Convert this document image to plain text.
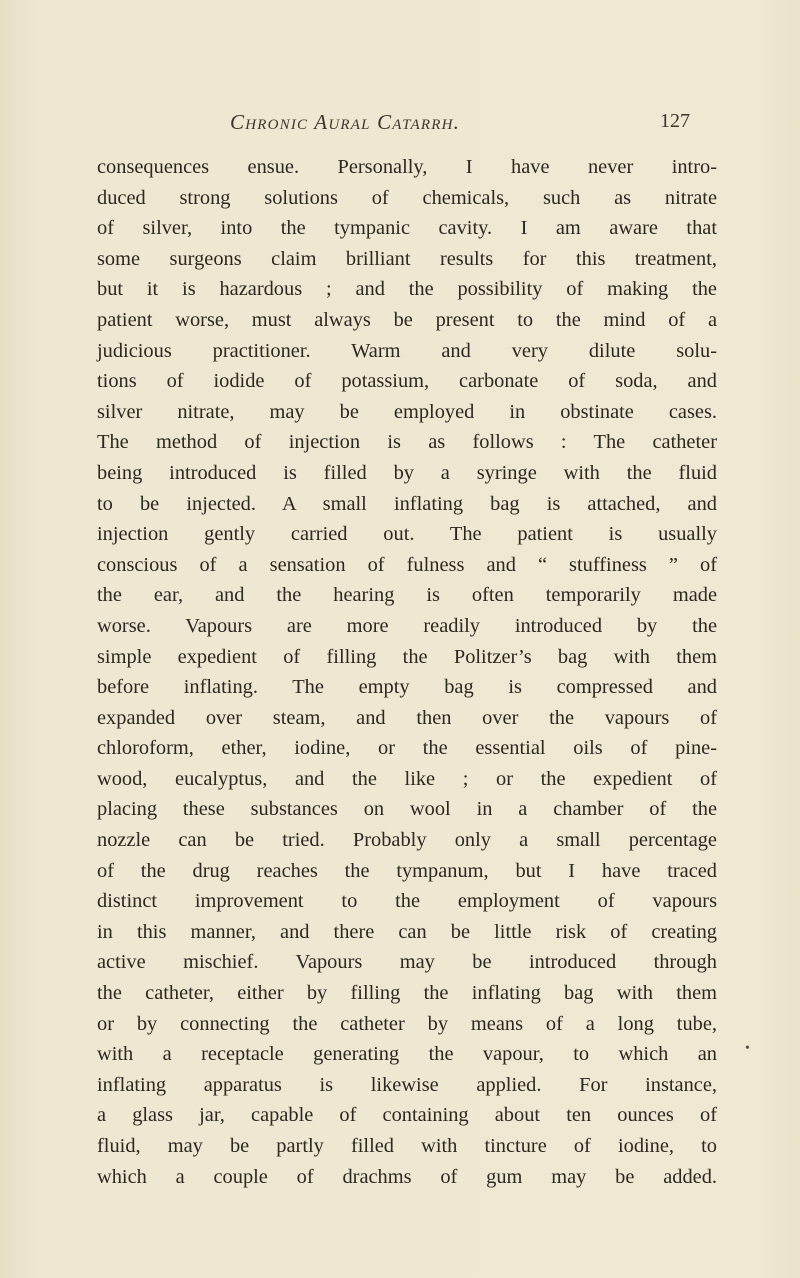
Chronic Aural Catarrh.	127
consequences ensue. Personally, I have never intro-
duced strong solutions of chemicals, such as nitrate
of silver, into the tympanic cavity. I am aware that
some surgeons claim brilliant results for this treatment,
but it is hazardous ; and the possibility of making the
patient worse, must always be present to the mind of a
judicious practitioner. Warm and very dilute solu-
tions of iodide of potassium, carbonate of soda, and
silver nitrate, may be employed in obstinate cases.
The method of injection is as follows : The catheter
being introduced is filled by a syringe with the fluid
to be injected. A small inflating bag is attached, and
injection gently carried out. The patient is usually
conscious of a sensation of fulness and “ stuffiness ” of
the ear, and the hearing is often temporarily made
worse. Vapours are more readily introduced by the
simple expedient of filling the Politzer’s bag with them
before inflating. The empty bag is compressed and
expanded over steam, and then over the vapours of
chloroform, ether, iodine, or the essential oils of pine-
wood, eucalyptus, and the like ; or the expedient of
placing these substances on wool in a chamber of the
nozzle can be tried. Probably only a small percentage
of the drug reaches the tympanum, but I have traced
distinct improvement to the employment of vapours
in this manner, and there can be little risk of creating
active mischief. Vapours may be introduced through
the catheter, either by filling the inflating bag with them
or by connecting the catheter by means of a long tube,
with a receptacle generating the vapour, to which an
inflating apparatus is likewise applied. For instance,
a glass jar, capable of containing about ten ounces of
fluid, may be partly filled with tincture of iodine, to
which a couple of drachms of gum may be added.
•
